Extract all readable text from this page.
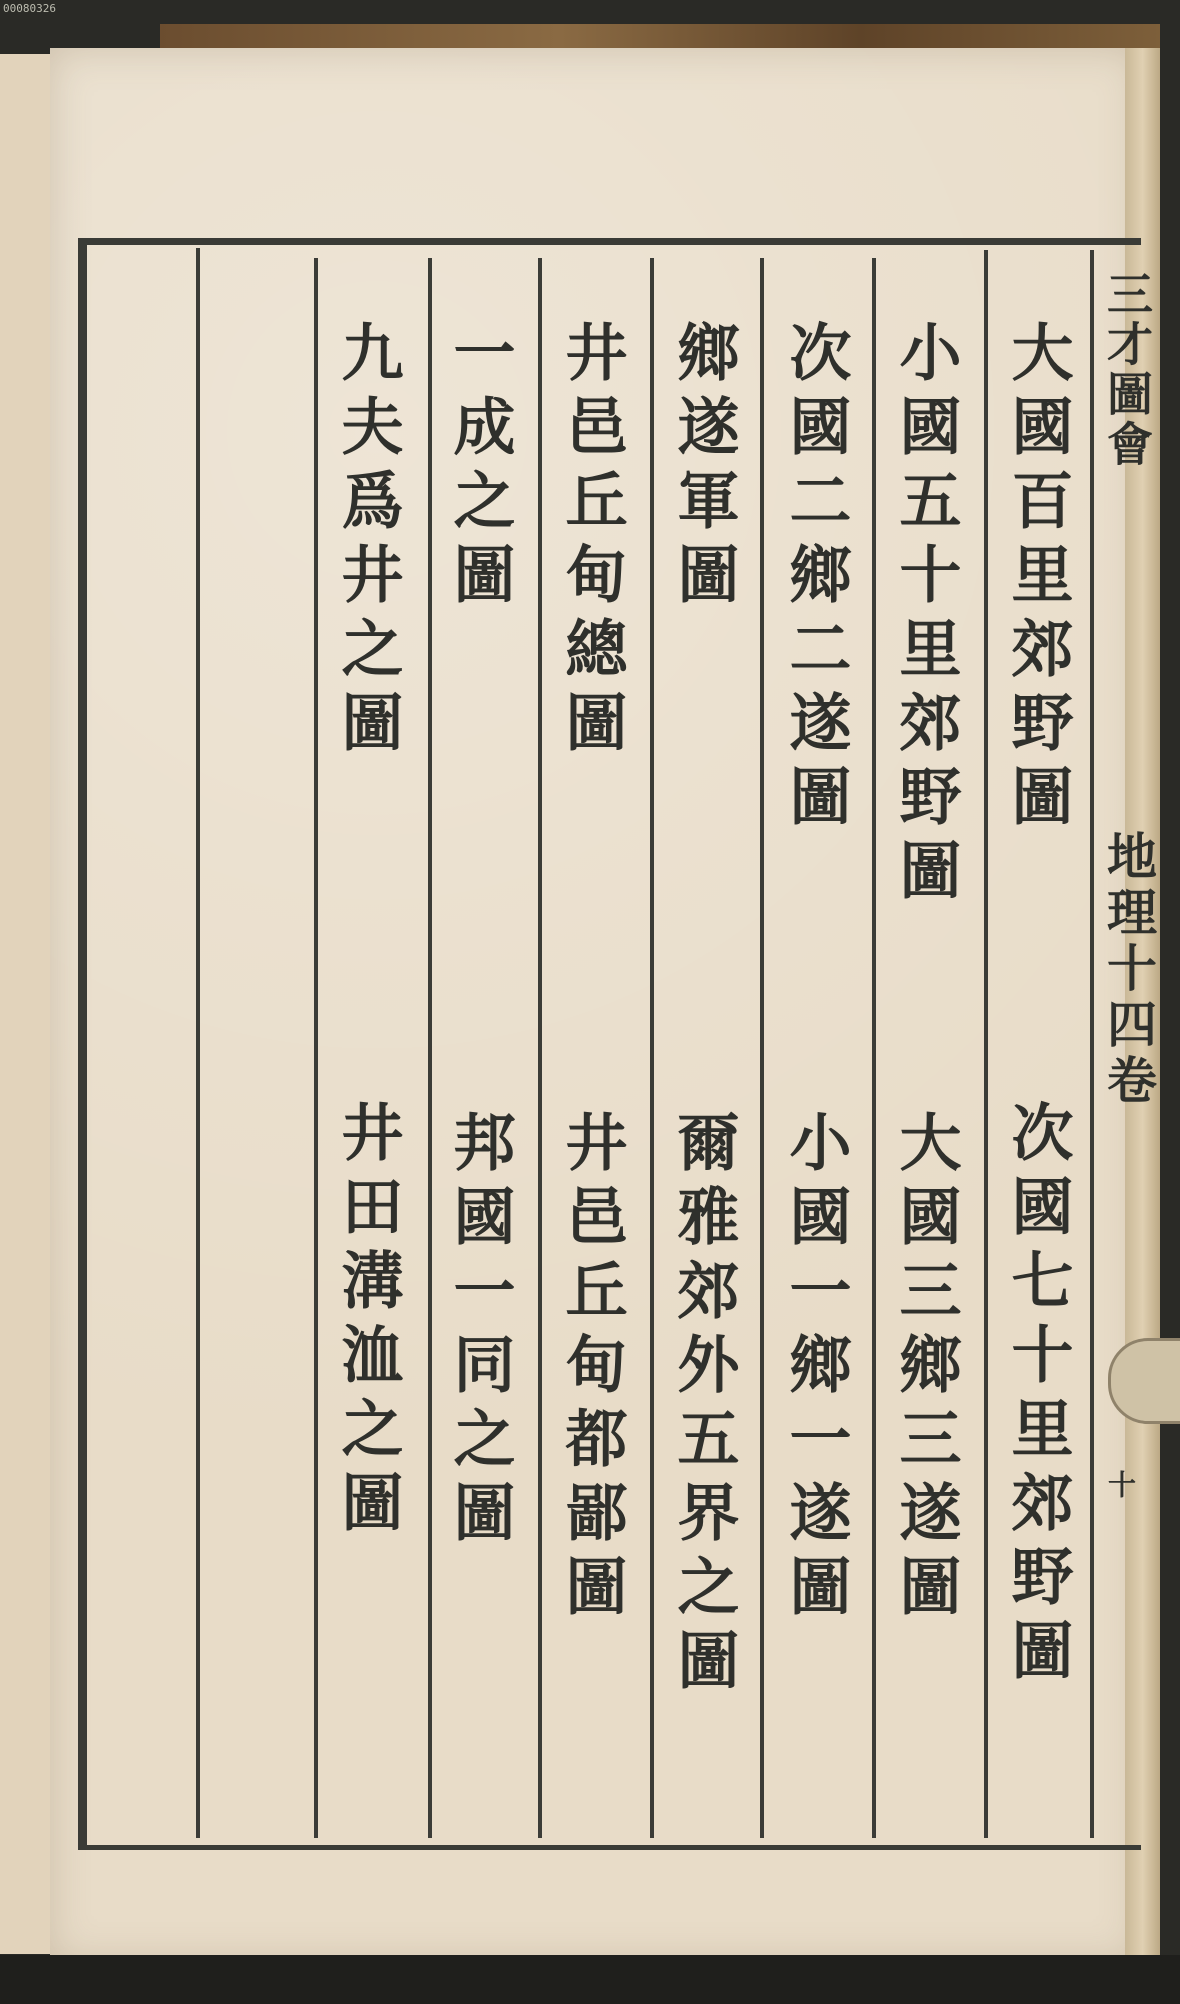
00080326
三才圖會
地理十四卷
十
大國百里郊野圖
次國七十里郊野圖
小國五十里郊野圖
大國三鄉三遂圖
次國二鄉二遂圖
小國一鄉一遂圖
鄉遂軍圖
爾雅郊外五界之圖
井邑丘甸總圖
井邑丘甸都鄙圖
一成之圖
邦國一同之圖
九夫爲井之圖
井田溝洫之圖
